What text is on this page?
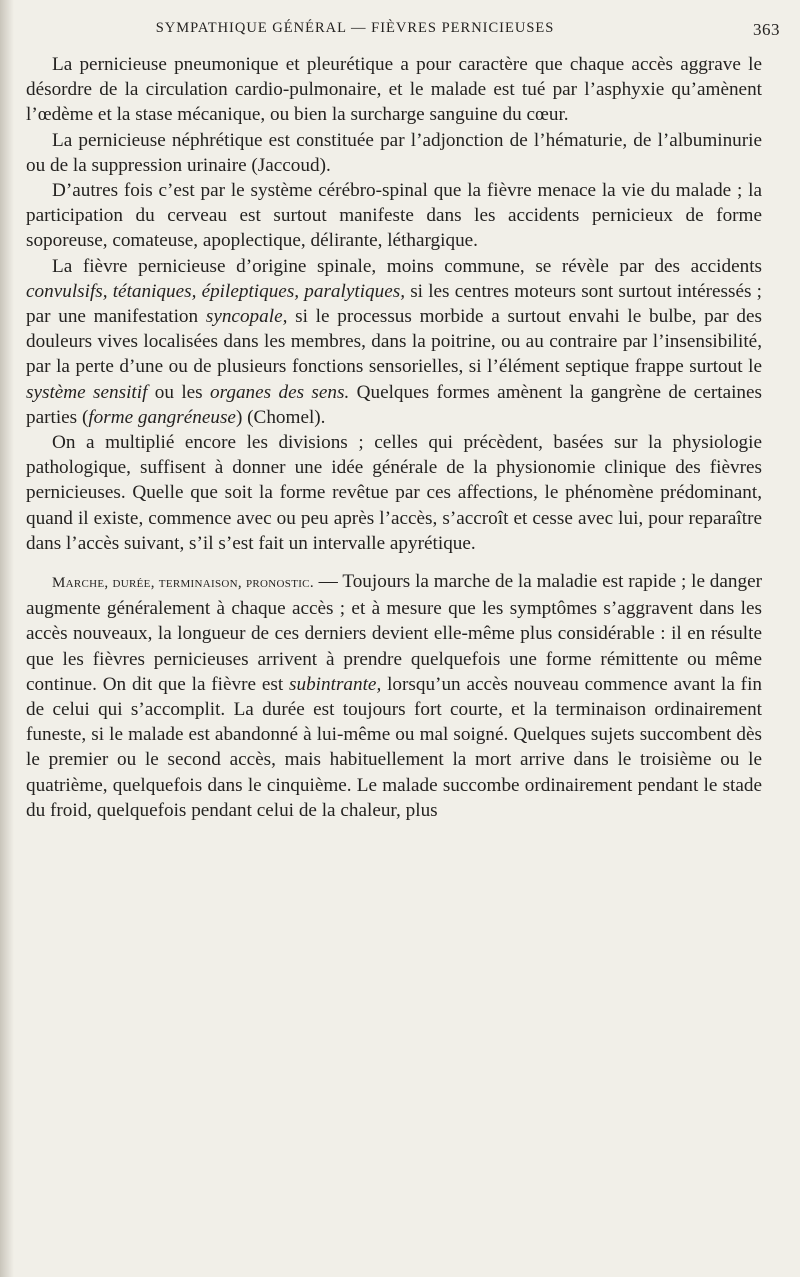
SYMPATHIQUE GÉNÉRAL — FIÈVRES PERNICIEUSES	363

La pernicieuse pneumonique et pleurétique a pour caractère que chaque accès aggrave le désordre de la circulation cardio-pulmonaire, et le malade est tué par l’asphyxie qu’amènent l’œdème et la stase mécanique, ou bien la surcharge sanguine du cœur.

La pernicieuse néphrétique est constituée par l’adjonction de l’hématurie, de l’albuminurie ou de la suppression urinaire (Jaccoud).

D’autres fois c’est par le système cérébro-spinal que la fièvre menace la vie du malade ; la participation du cerveau est surtout manifeste dans les accidents pernicieux de forme soporeuse, comateuse, apoplectique, délirante, léthargique.

La fièvre pernicieuse d’origine spinale, moins commune, se révèle par des accidents convulsifs, tétaniques, épileptiques, paralytiques, si les centres moteurs sont surtout intéressés ; par une manifestation syncopale, si le processus morbide a surtout envahi le bulbe, par des douleurs vives localisées dans les membres, dans la poitrine, ou au contraire par l’insensibilité, par la perte d’une ou de plusieurs fonctions sensorielles, si l’élément septique frappe surtout le système sensitif ou les organes des sens. Quelques formes amènent la gangrène de certaines parties (forme gangréneuse) (Chomel).

On a multiplié encore les divisions ; celles qui précèdent, basées sur la physiologie pathologique, suffisent à donner une idée générale de la physionomie clinique des fièvres pernicieuses. Quelle que soit la forme revêtue par ces affections, le phénomène prédominant, quand il existe, commence avec ou peu après l’accès, s’accroît et cesse avec lui, pour reparaître dans l’accès suivant, s’il s’est fait un intervalle apyrétique.

Marche, durée, terminaison, pronostic. — Toujours la marche de la maladie est rapide ; le danger augmente généralement à chaque accès ; et à mesure que les symptômes s’aggravent dans les accès nouveaux, la longueur de ces derniers devient elle-même plus considérable : il en résulte que les fièvres pernicieuses arrivent à prendre quelquefois une forme rémittente ou même continue. On dit que la fièvre est subintrante, lorsqu’un accès nouveau commence avant la fin de celui qui s’accomplit. La durée est toujours fort courte, et la terminaison ordinairement funeste, si le malade est abandonné à lui-même ou mal soigné. Quelques sujets succombent dès le premier ou le second accès, mais habituellement la mort arrive dans le troisième ou le quatrième, quelquefois dans le cinquième. Le malade succombe ordinairement pendant le stade du froid, quelquefois pendant celui de la chaleur, plus
